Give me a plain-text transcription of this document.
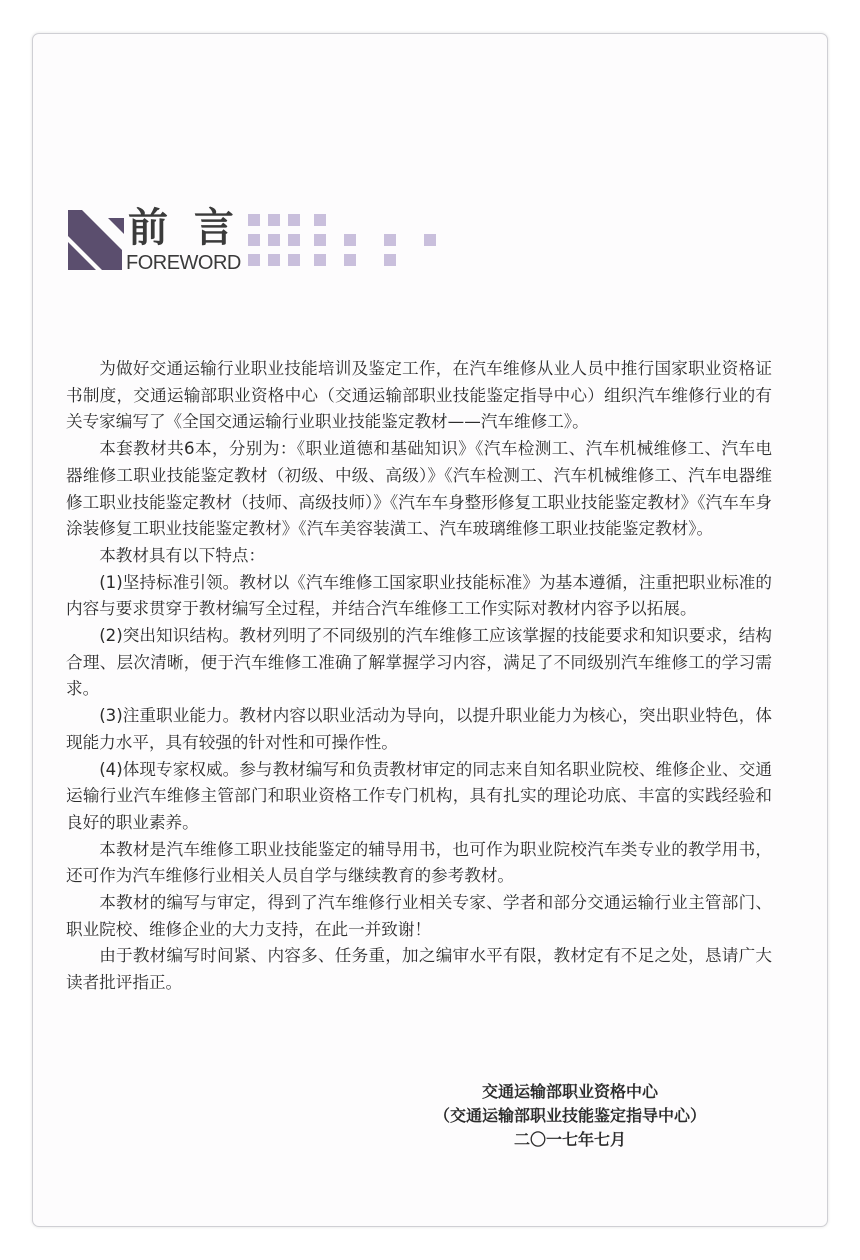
前 言
FOREWORD

为做好交通运输行业职业技能培训及鉴定工作，在汽车维修从业人员中推行国家职业资格证书制度，交通运输部职业资格中心（交通运输部职业技能鉴定指导中心）组织汽车维修行业的有关专家编写了《全国交通运输行业职业技能鉴定教材——汽车维修工》。

本套教材共6本，分别为：《职业道德和基础知识》《汽车检测工、汽车机械维修工、汽车电器维修工职业技能鉴定教材（初级、中级、高级）》《汽车检测工、汽车机械维修工、汽车电器维修工职业技能鉴定教材（技师、高级技师）》《汽车车身整形修复工职业技能鉴定教材》《汽车车身涂装修复工职业技能鉴定教材》《汽车美容装潢工、汽车玻璃维修工职业技能鉴定教材》。

本教材具有以下特点：

(1)坚持标准引领。教材以《汽车维修工国家职业技能标准》为基本遵循，注重把职业标准的内容与要求贯穿于教材编写全过程，并结合汽车维修工工作实际对教材内容予以拓展。

(2)突出知识结构。教材列明了不同级别的汽车维修工应该掌握的技能要求和知识要求，结构合理、层次清晰，便于汽车维修工准确了解掌握学习内容，满足了不同级别汽车维修工的学习需求。

(3)注重职业能力。教材内容以职业活动为导向，以提升职业能力为核心，突出职业特色，体现能力水平，具有较强的针对性和可操作性。

(4)体现专家权威。参与教材编写和负责教材审定的同志来自知名职业院校、维修企业、交通运输行业汽车维修主管部门和职业资格工作专门机构，具有扎实的理论功底、丰富的实践经验和良好的职业素养。

本教材是汽车维修工职业技能鉴定的辅导用书，也可作为职业院校汽车类专业的教学用书，还可作为汽车维修行业相关人员自学与继续教育的参考教材。

本教材的编写与审定，得到了汽车维修行业相关专家、学者和部分交通运输行业主管部门、职业院校、维修企业的大力支持，在此一并致谢！

由于教材编写时间紧、内容多、任务重，加之编审水平有限，教材定有不足之处，恳请广大读者批评指正。

交通运输部职业资格中心
（交通运输部职业技能鉴定指导中心）
二〇一七年七月
